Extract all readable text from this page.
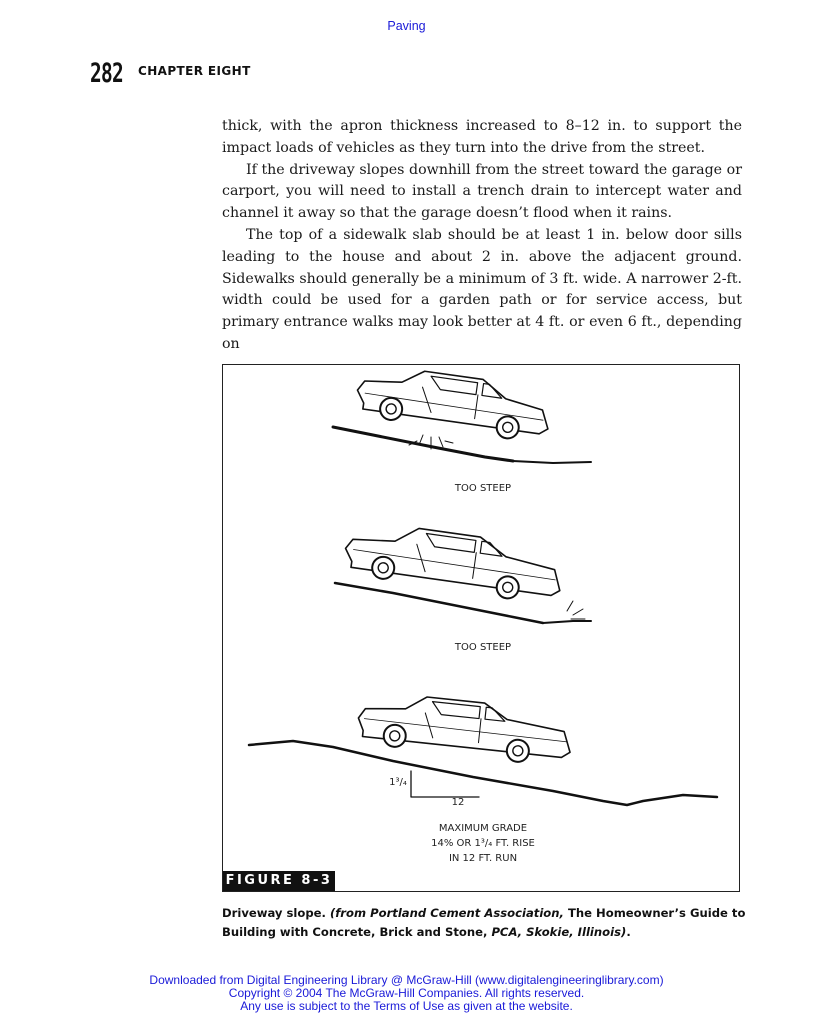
Paving
282 CHAPTER EIGHT

thick, with the apron thickness increased to 8–12 in. to support the impact loads of vehicles as they turn into the drive from the street.

If the driveway slopes downhill from the street toward the garage or carport, you will need to install a trench drain to intercept water and channel it away so that the garage doesn’t flood when it rains.

The top of a sidewalk slab should be at least 1 in. below door sills leading to the house and about 2 in. above the adjacent ground. Sidewalks should generally be a minimum of 3 ft. wide. A narrower 2-ft. width could be used for a garden path or for service access, but primary entrance walks may look better at 4 ft. or even 6 ft., depending on

TOO STEEP
TOO STEEP
1³/₄
12
MAXIMUM GRADE
14% OR 1³/₄ FT. RISE
IN 12 FT. RUN
FIGURE 8-3
Driveway slope. (from Portland Cement Association, The Homeowner’s Guide to Building with Concrete, Brick and Stone, PCA, Skokie, Illinois).
Downloaded from Digital Engineering Library @ McGraw-Hill (www.digitalengineeringlibrary.com)
Copyright © 2004 The McGraw-Hill Companies. All rights reserved.
Any use is subject to the Terms of Use as given at the website.
